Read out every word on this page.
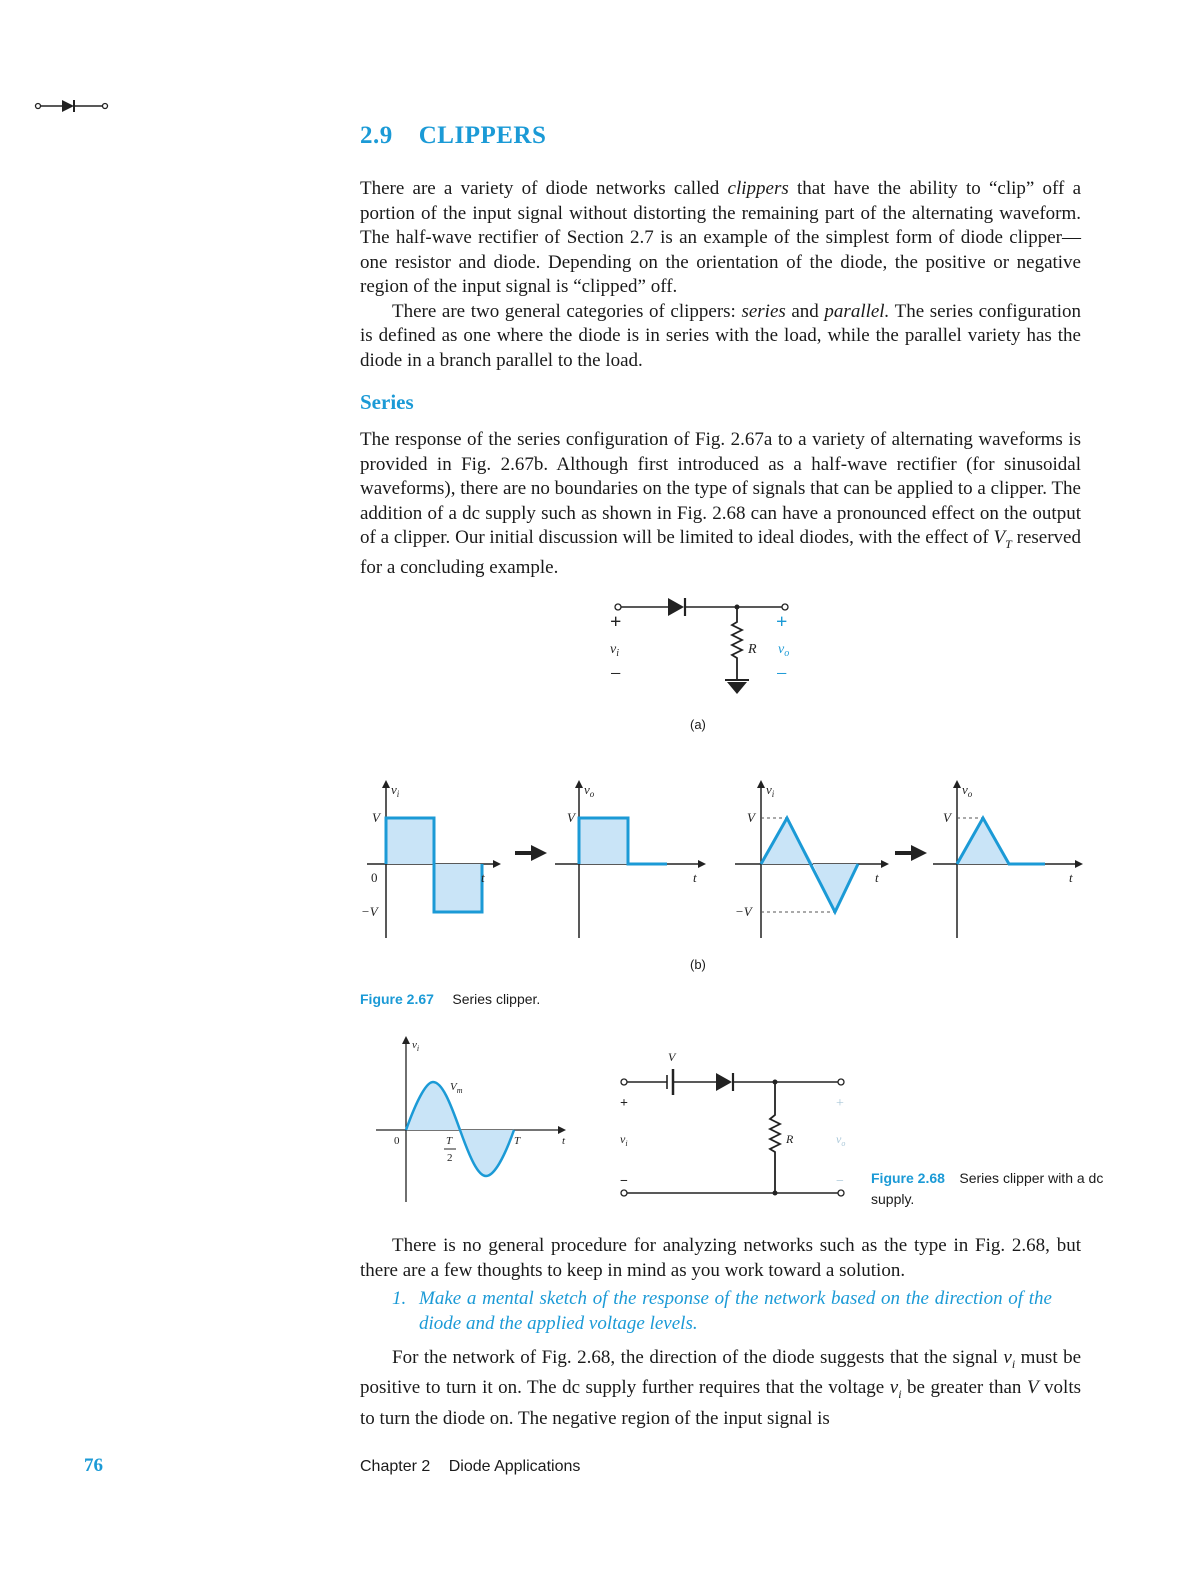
2.9 CLIPPERS

There are a variety of diode networks called clippers that have the ability to “clip” off a portion of the input signal without distorting the remaining part of the alternating waveform. The half-wave rectifier of Section 2.7 is an example of the simplest form of diode clipper—one resistor and diode. Depending on the orientation of the diode, the positive or negative region of the input signal is “clipped” off.

There are two general categories of clippers: series and parallel. The series configuration is defined as one where the diode is in series with the load, while the parallel variety has the diode in a branch parallel to the load.

Series

The response of the series configuration of Fig. 2.67a to a variety of alternating waveforms is provided in Fig. 2.67b. Although first introduced as a half-wave rectifier (for sinusoidal waveforms), there are no boundaries on the type of signals that can be applied to a clipper. The addition of a dc supply such as shown in Fig. 2.68 can have a pronounced effect on the output of a clipper. Our initial discussion will be limited to ideal diodes, with the effect of $V_T$ reserved for a concluding example.

+
$v_i$
−
R
+
$v_o$
−
(a)
$v_i$
V
0
−V
t
$v_o$
V
t
$v_i$
V
−V
t
$v_o$
V
t
(b)
Figure 2.67 Series clipper.
$v_i$
$V_m$
0	T
2
T	t
V
+
$v_i$
−
R
+
$v_o$
− Figure 2.68 Series clipper with a dc supply.

There is no general procedure for analyzing networks such as the type in Fig. 2.68, but there are a few thoughts to keep in mind as you work toward a solution.

1. Make a mental sketch of the response of the network based on the direction of the diode and the applied voltage levels.

For the network of Fig. 2.68, the direction of the diode suggests that the signal $v_i$ must be positive to turn it on. The dc supply further requires that the voltage $v_i$ be greater than V volts to turn the diode on. The negative region of the input signal is

76	Chapter 2 Diode Applications
